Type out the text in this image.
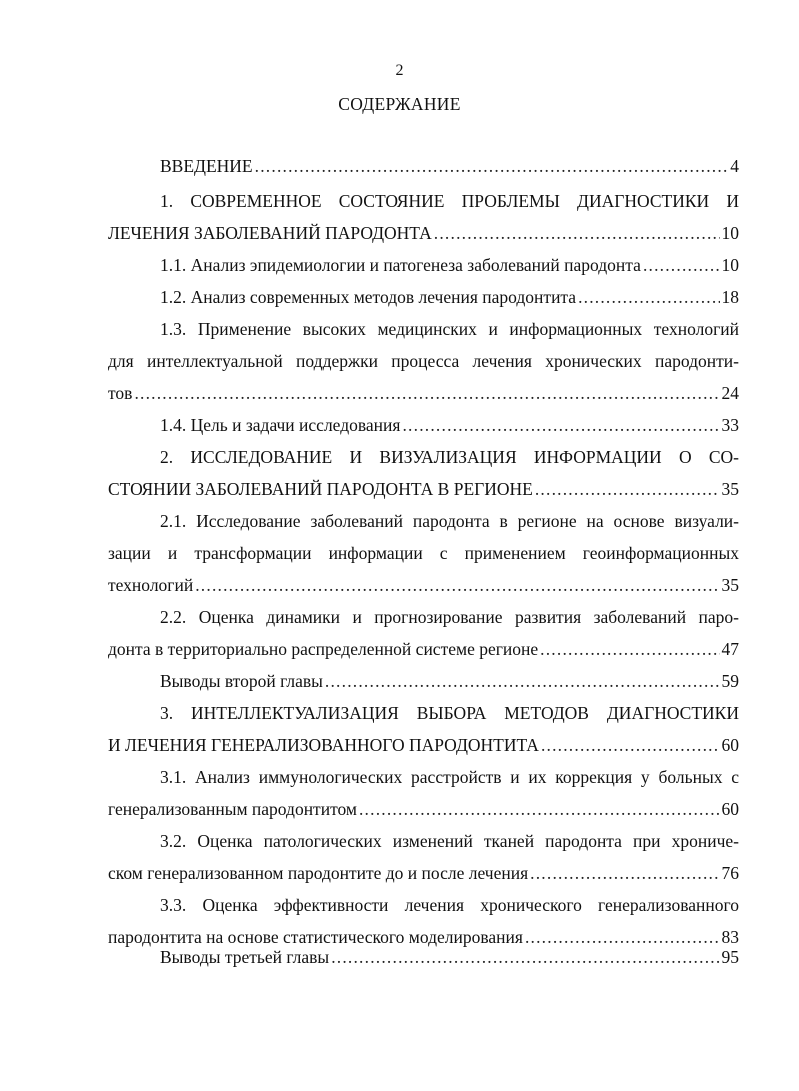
2
СОДЕРЖАНИЕ
ВВЕДЕНИЕ .....	4
1. СОВРЕМЕННОЕ СОСТОЯНИЕ ПРОБЛЕМЫ ДИАГНОСТИКИ И
ЛЕЧЕНИЯ ЗАБОЛЕВАНИЙ ПАРОДОНТА .....	10
1.1. Анализ эпидемиологии и патогенеза заболеваний пародонта .....	10
1.2. Анализ современных методов лечения пародонтита .....	18
1.3. Применение высоких медицинских и информационных технологий
для интеллектуальной поддержки процесса лечения хронических пародонти-
тов .....	24
1.4. Цель и задачи исследования .....	33
2. ИССЛЕДОВАНИЕ И ВИЗУАЛИЗАЦИЯ ИНФОРМАЦИИ О СО-
СТОЯНИИ ЗАБОЛЕВАНИЙ ПАРОДОНТА В РЕГИОНЕ .....	35
2.1. Исследование заболеваний пародонта в регионе на основе визуали-
зации и трансформации информации с применением геоинформационных
технологий .....	35
2.2. Оценка динамики и прогнозирование развития заболеваний паро-
донта в территориально распределенной системе регионе .....	47
Выводы второй главы .....	59
3. ИНТЕЛЛЕКТУАЛИЗАЦИЯ ВЫБОРА МЕТОДОВ ДИАГНОСТИКИ
И ЛЕЧЕНИЯ ГЕНЕРАЛИЗОВАННОГО ПАРОДОНТИТА .....	60
3.1. Анализ иммунологических расстройств и их коррекция у больных с
генерализованным пародонтитом .....	60
3.2. Оценка патологических изменений тканей пародонта при хрониче-
ском генерализованном пародонтите до и после лечения .....	76
3.3. Оценка эффективности лечения хронического генерализованного
пародонтита на основе статистического моделирования .....	83
Выводы третьей главы .....	95
